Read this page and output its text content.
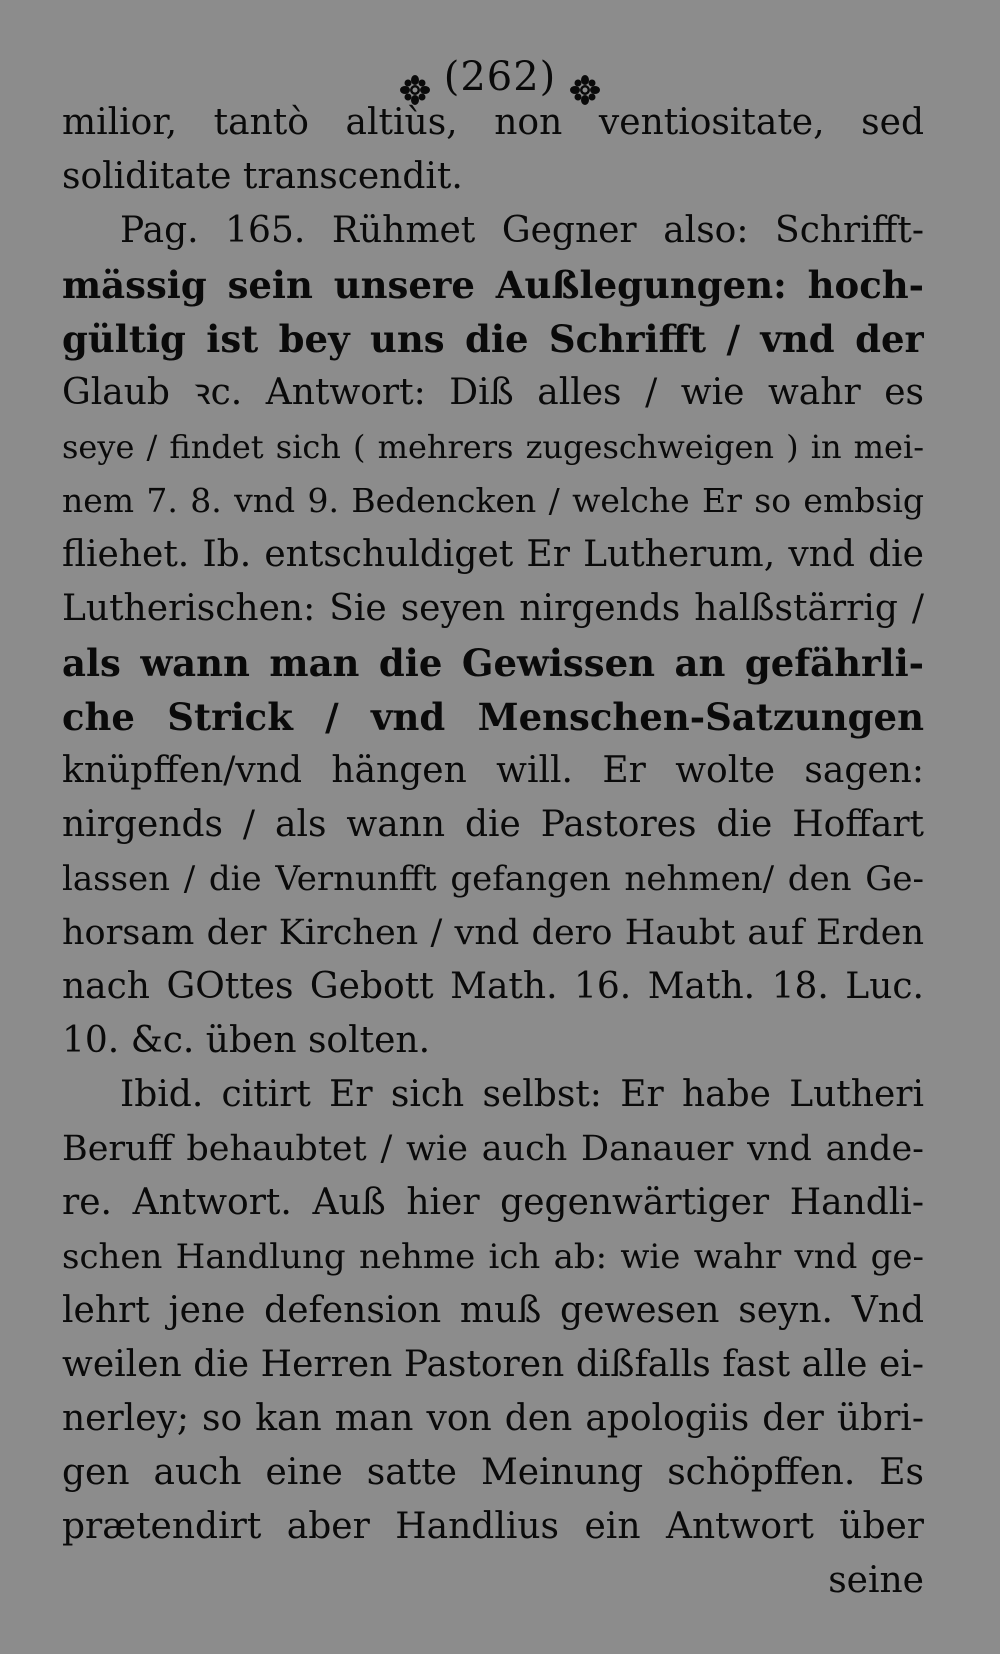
(262)
milior, tantò altiùs, non ventiositate, sed
soliditate transcendit.
Pag. 165. Rühmet Gegner also: Schrifft-
mässig sein unsere Außlegungen: hoch-
gültig ist bey uns die Schrifft / vnd der
Glaub ꝛc. Antwort: Diß alles / wie wahr es
seye / findet sich ( mehrers zugeschweigen ) in mei-
nem 7. 8. vnd 9. Bedencken / welche Er so embsig
fliehet. Ib. entschuldiget Er Lutherum, vnd die
Lutherischen: Sie seyen nirgends halßstärrig /
als wann man die Gewissen an gefährli-
che Strick / vnd Menschen-Satzungen
knüpffen/vnd hängen will. Er wolte sagen:
nirgends / als wann die Pastores die Hoffart
lassen / die Vernunfft gefangen nehmen/ den Ge-
horsam der Kirchen / vnd dero Haubt auf Erden
nach GOttes Gebott Math. 16. Math. 18. Luc.
10. &c. üben solten.
Ibid. citirt Er sich selbst: Er habe Lutheri
Beruff behaubtet / wie auch Danauer vnd ande-
re. Antwort. Auß hier gegenwärtiger Handli-
schen Handlung nehme ich ab: wie wahr vnd ge-
lehrt jene defension muß gewesen seyn. Vnd
weilen die Herren Pastoren dißfalls fast alle ei-
nerley; so kan man von den apologiis der übri-
gen auch eine satte Meinung schöpffen. Es
prætendirt aber Handlius ein Antwort über
seine
